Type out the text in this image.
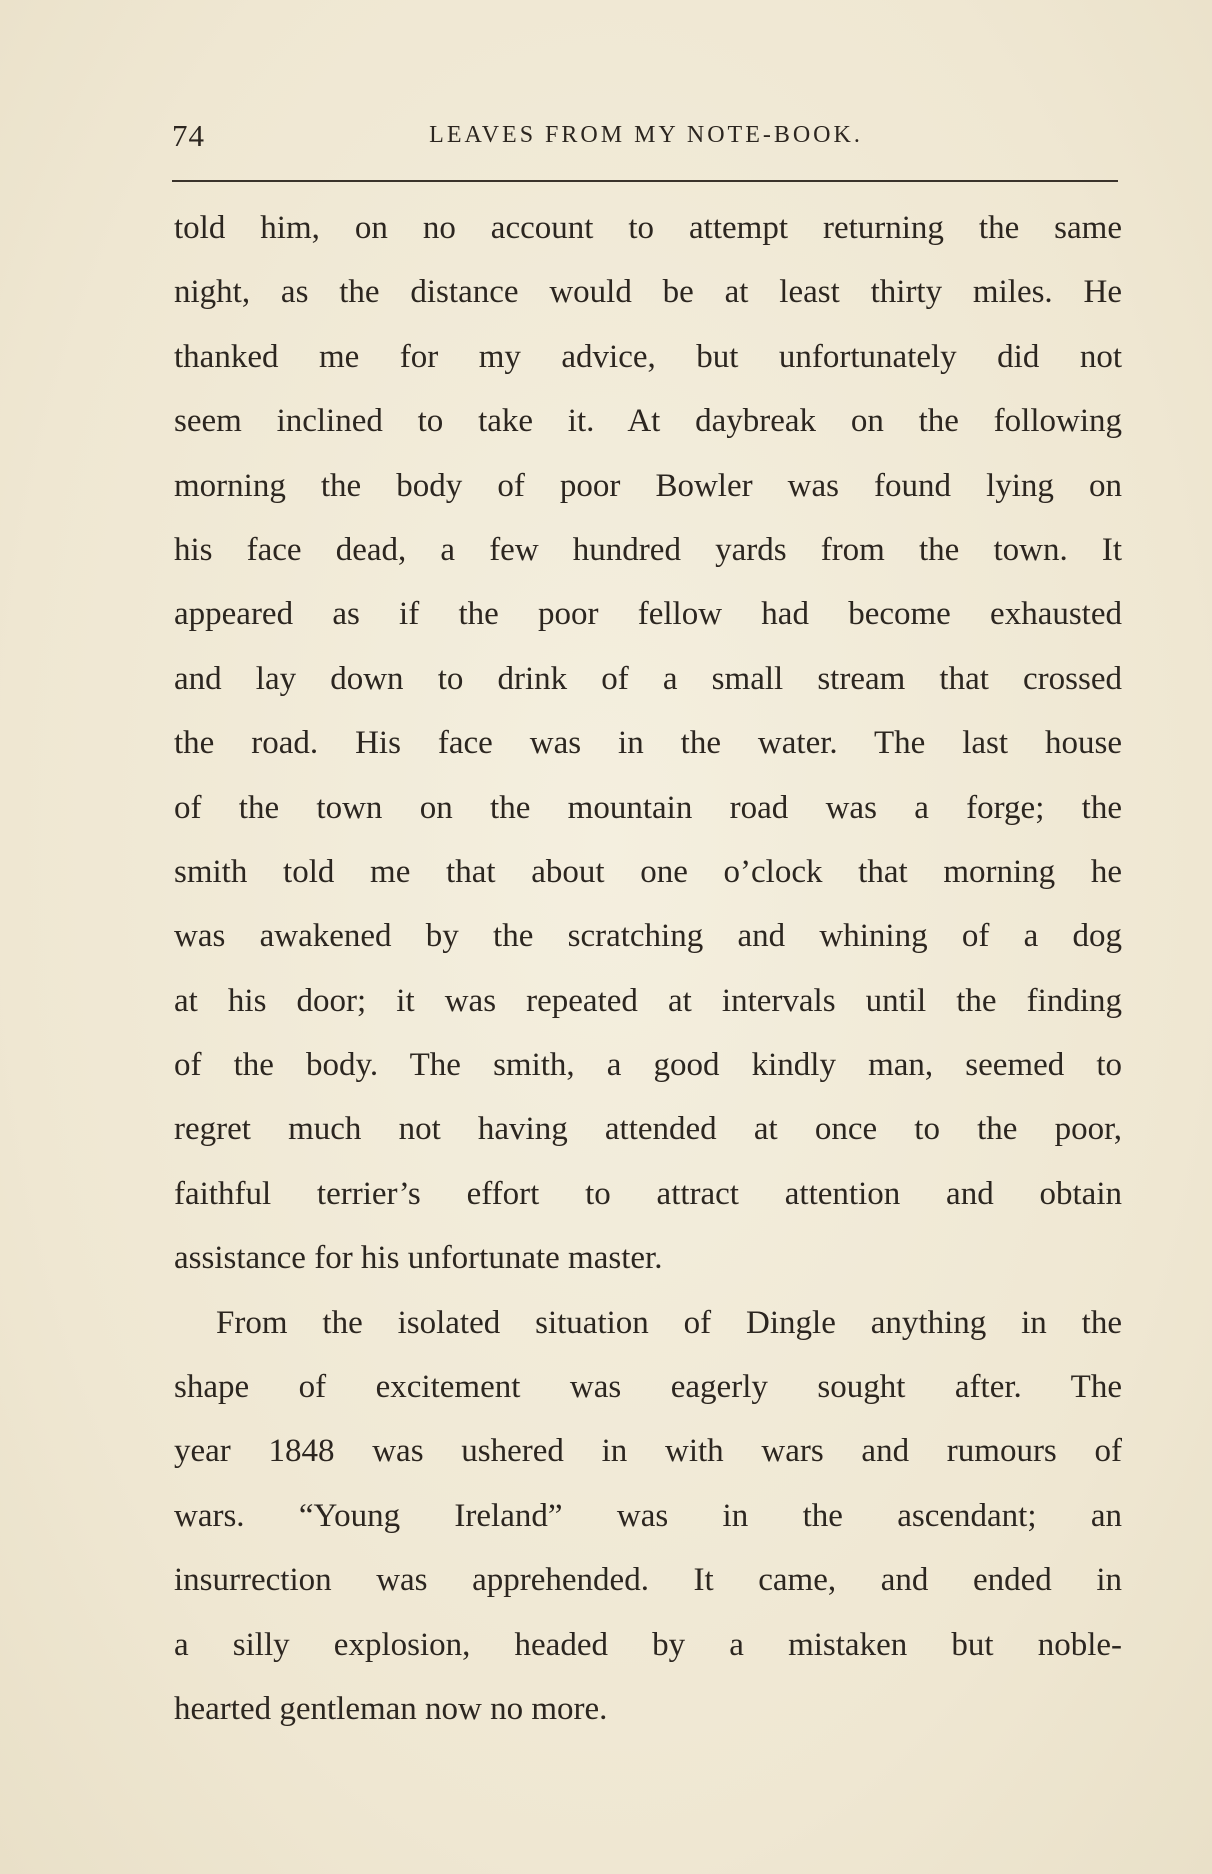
74	LEAVES FROM MY NOTE-BOOK.
told him, on no account to attempt returning the same
night, as the distance would be at least thirty miles. He
thanked me for my advice, but unfortunately did not
seem inclined to take it. At daybreak on the following
morning the body of poor Bowler was found lying on
his face dead, a few hundred yards from the town. It
appeared as if the poor fellow had become exhausted
and lay down to drink of a small stream that crossed
the road. His face was in the water. The last house
of the town on the mountain road was a forge; the
smith told me that about one o’clock that morning he
was awakened by the scratching and whining of a dog
at his door; it was repeated at intervals until the finding
of the body. The smith, a good kindly man, seemed to
regret much not having attended at once to the poor,
faithful terrier’s effort to attract attention and obtain
assistance for his unfortunate master.
From the isolated situation of Dingle anything in the
shape of excitement was eagerly sought after. The
year 1848 was ushered in with wars and rumours of
wars. “Young Ireland” was in the ascendant; an
insurrection was apprehended. It came, and ended in
a silly explosion, headed by a mistaken but noble-
hearted gentleman now no more.
